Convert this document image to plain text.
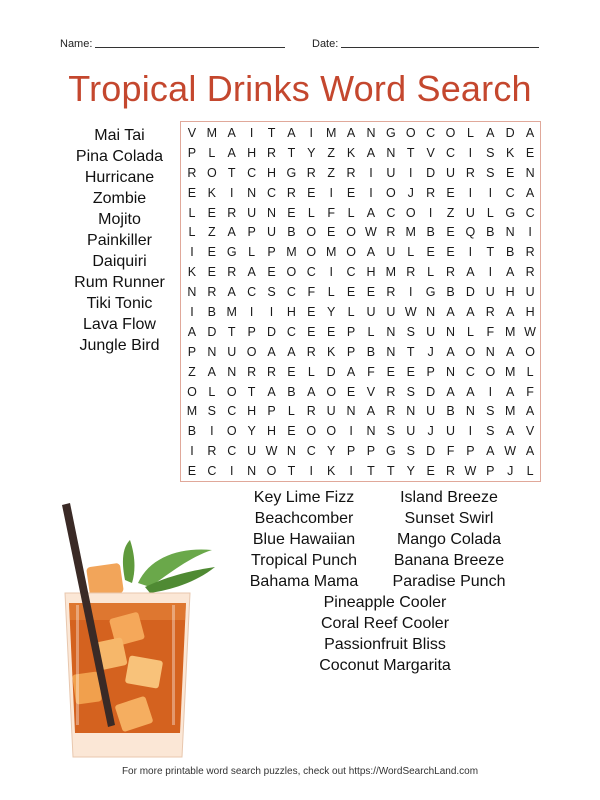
Name:	Date:
Tropical Drinks Word Search
Mai Tai
Pina Colada
Hurricane
Zombie
Mojito
Painkiller
Daiquiri
Rum Runner
Tiki Tonic
Lava Flow
Jungle Bird
V M A	I	T A	I	M A N G O C O L A D A
P L A H R T Y Z K A N T V C	I	S K E
R O T C H G R Z R	I	U	I	D U R S E N
E K	I	N C R E	I	E	I	O J R E	I	I	C A
L E R U N E L	F	L A C O	I	Z U L G C
L	Z A P U B O E O W R M B E Q B N	I
I	E G L P M O M O A U L E E	I	T B R
K E R A E O C	I	C H M R L R A	I	A R
N R A C S C F	L E E R	I	G B D U H U
I	B M	I	I	H E Y L U U W N A A R A H
A D T P D C E E P L N S U N L	F M W
P N U O A A R K P B N T	J	A O N A O
Z A N R R E L D A F E E P N C O M L
O L O T A B A O E V R S D A A	I	A F
M S C H P L R U N A R N U B N S M A
B	I	O Y H E O O	I	N S U J U	I	S A V
I	R C U W N C Y P P G S D F P A W A
E C	I	N O T	I	K	I	T T Y E R W P	J	L
Key Lime Fizz	Island Breeze
Beachcomber	Sunset Swirl
Blue Hawaiian	Mango Colada
Tropical Punch	Banana Breeze
Bahama Mama	Paradise Punch
Pineapple Cooler
Coral Reef Cooler
Passionfruit Bliss
Coconut Margarita
For more printable word search puzzles, check out https://WordSearchLand.com
